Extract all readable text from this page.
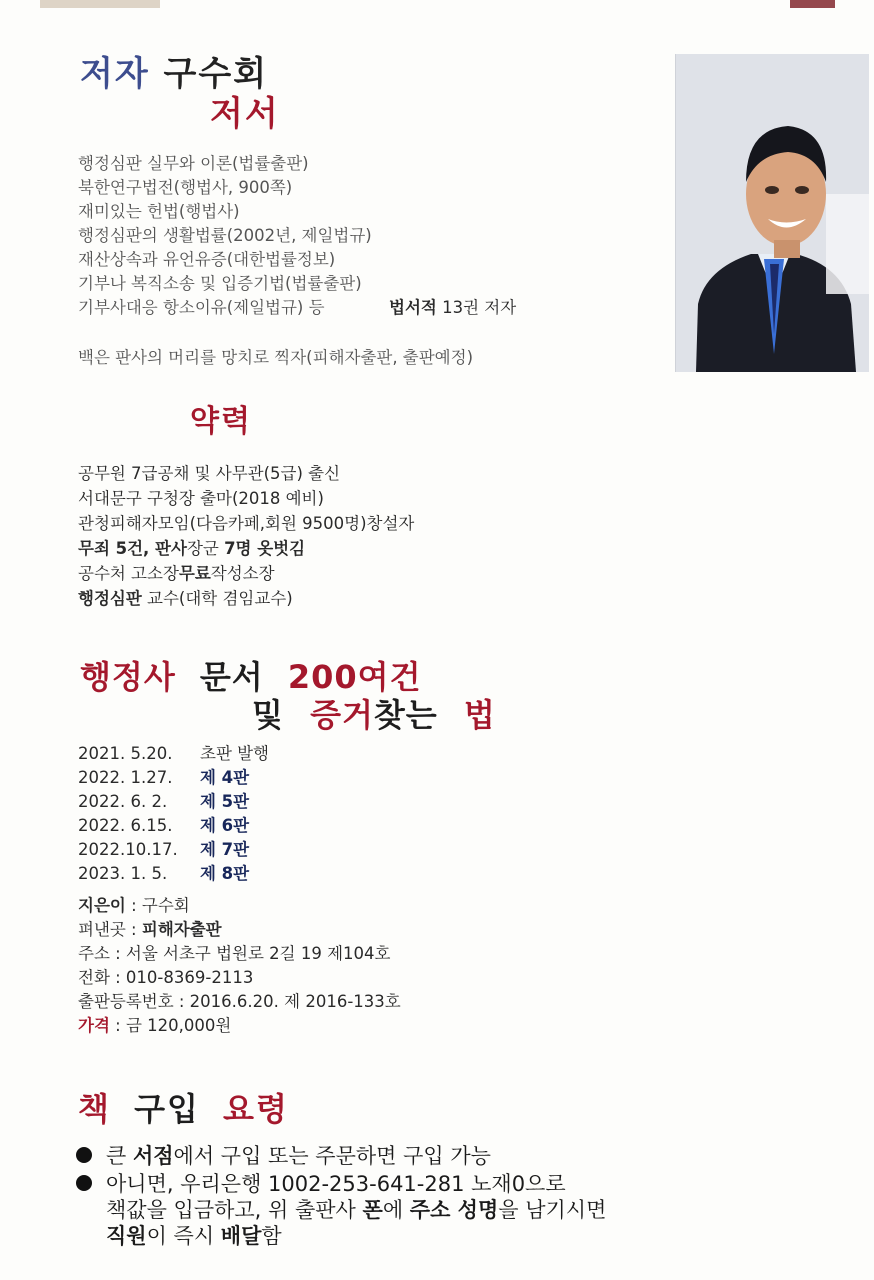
저자 구수회
저서
행정심판 실무와 이론(법률출판)
북한연구법전(행법사, 900쪽)
재미있는 헌법(행법사)
행정심판의 생활법률(2002년, 제일법규)
재산상속과 유언유증(대한법률정보)
기부나 복직소송 및 입증기법(법률출판)
기부사대응 항소이유(제일법규) 등	법서적 13권 저자
백은 판사의 머리를 망치로 찍자(피해자출판, 출판예정)
약력
공무원 7급공채 및 사무관(5급) 출신
서대문구 구청장 출마(2018 예비)
관청피해자모임(다음카페,회원 9500명)창설자
무죄 5건, 판사장군 7명 옷벗김
공수처 고소장무료작성소장
행정심판 교수(대학 겸임교수)
행정사 문서 200여건
및 증거찾는 법
2021. 5.20. 초판 발행
2022. 1.27. 제 4판
2022. 6. 2. 제 5판
2022. 6.15. 제 6판
2022.10.17. 제 7판
2023. 1. 5. 제 8판
지은이 : 구수회
펴낸곳 : 피해자출판
주소 : 서울 서초구 법원로 2길 19 제104호
전화 : 010-8369-2113
출판등록번호 : 2016.6.20. 제 2016-133호
가격 : 금 120,000원
책 구입 요령
큰 서점에서 구입 또는 주문하면 구입 가능
아니면, 우리은행 1002-253-641-281 노재0으로
책값을 입금하고, 위 출판사 폰에 주소 성명을 남기시면
직원이 즉시 배달함
